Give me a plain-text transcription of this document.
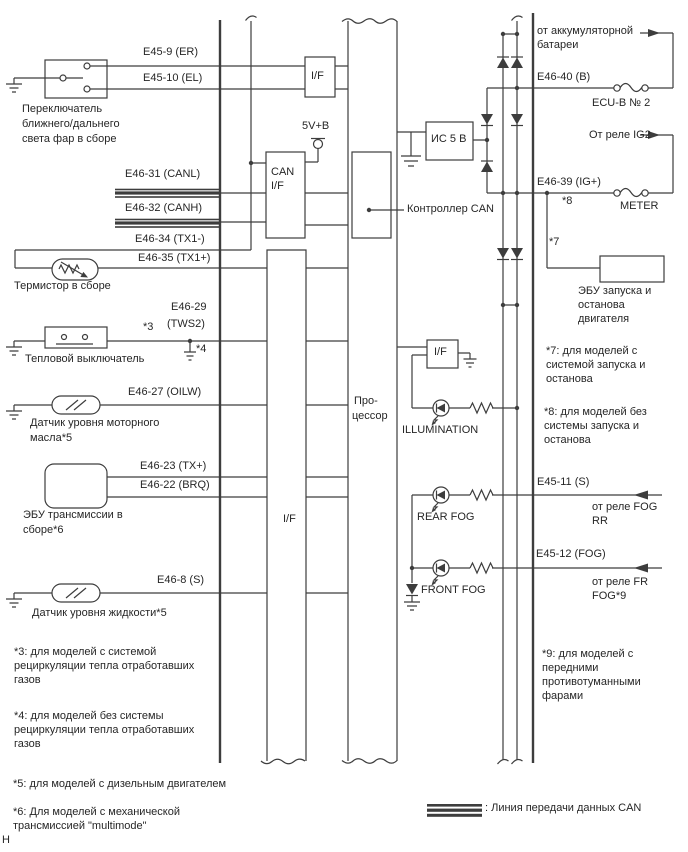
E45-9 (ER)
E45-10 (EL)
Переключатель
ближнего/дальнего
света фар в сборе
E46-31 (CANL)
E46-32 (CANH)
E46-34 (TX1-)
E46-35 (TX1+)
Термистор в сборе
E46-29
(TWS2)
*3
*4
Тепловой выключатель
E46-27 (OILW)
Датчик уровня моторного
масла*5
E46-23 (TX+)
E46-22 (BRQ)
ЭБУ трансмиссии в
сборе*6
E46-8 (S)
Датчик уровня жидкости*5
*3: для моделей с системой
рециркуляции тепла отработавших
газов
*4: для моделей без системы
рециркуляции тепла отработавших
газов
*5: для моделей с дизельным двигателем
*6: Для моделей с механической
трансмиссией "multimode"
H
от аккумуляторной
батареи
E46-40 (B)
ECU-B № 2
От реле IG2
E46-39 (IG+)
*8	METER
*7
ЭБУ запуска и
останова
двигателя
*7: для моделей с
системой запуска и
останова
*8: для моделей без
системы запуска и
останова
ILLUMINATION
E45-11 (S)
REAR FOG
от реле FOG
RR
E45-12 (FOG)
FRONT FOG
от реле FR
FOG*9
*9: для моделей с
передними
противотуманными
фарами
: Линия передачи данных CAN
I/F
CAN
I/F
5V+B
I/F
Про-
цессор
ИС 5 В
Контроллер CAN
I/F
